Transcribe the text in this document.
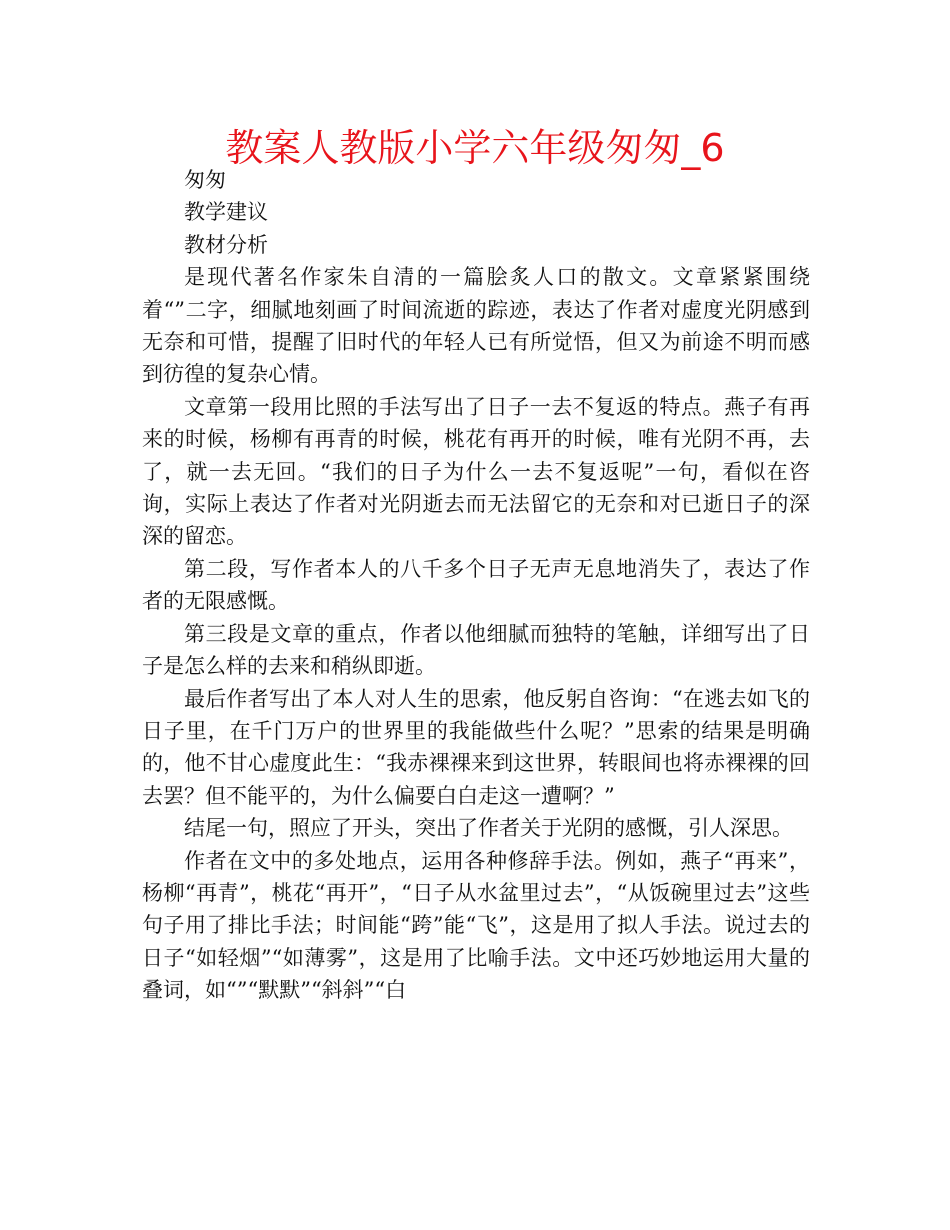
教案人教版小学六年级匆匆_6

匆匆

教学建议

教材分析

是现代著名作家朱自清的一篇脍炙人口的散文。文章紧紧围绕着“”二字，细腻地刻画了时间流逝的踪迹，表达了作者对虚度光阴感到无奈和可惜，提醒了旧时代的年轻人已有所觉悟，但又为前途不明而感到彷徨的复杂心情。

文章第一段用比照的手法写出了日子一去不复返的特点。燕子有再来的时候，杨柳有再青的时候，桃花有再开的时候，唯有光阴不再，去了，就一去无回。“我们的日子为什么一去不复返呢”一句，看似在咨询，实际上表达了作者对光阴逝去而无法留它的无奈和对已逝日子的深深的留恋。

第二段，写作者本人的八千多个日子无声无息地消失了，表达了作者的无限感慨。

第三段是文章的重点，作者以他细腻而独特的笔触，详细写出了日子是怎么样的去来和稍纵即逝。

最后作者写出了本人对人生的思索，他反躬自咨询：“在逃去如飞的日子里，在千门万户的世界里的我能做些什么呢？”思索的结果是明确的，他不甘心虚度此生：“我赤裸裸来到这世界，转眼间也将赤裸裸的回去罢？但不能平的，为什么偏要白白走这一遭啊？”

结尾一句，照应了开头，突出了作者关于光阴的感慨，引人深思。

作者在文中的多处地点，运用各种修辞手法。例如，燕子“再来”，杨柳“再青”，桃花“再开”，“日子从水盆里过去”，“从饭碗里过去”这些句子用了排比手法；时间能“跨”能“飞”，这是用了拟人手法。说过去的日子“如轻烟”“如薄雾”，这是用了比喻手法。文中还巧妙地运用大量的叠词，如“”“默默”“斜斜”“白
